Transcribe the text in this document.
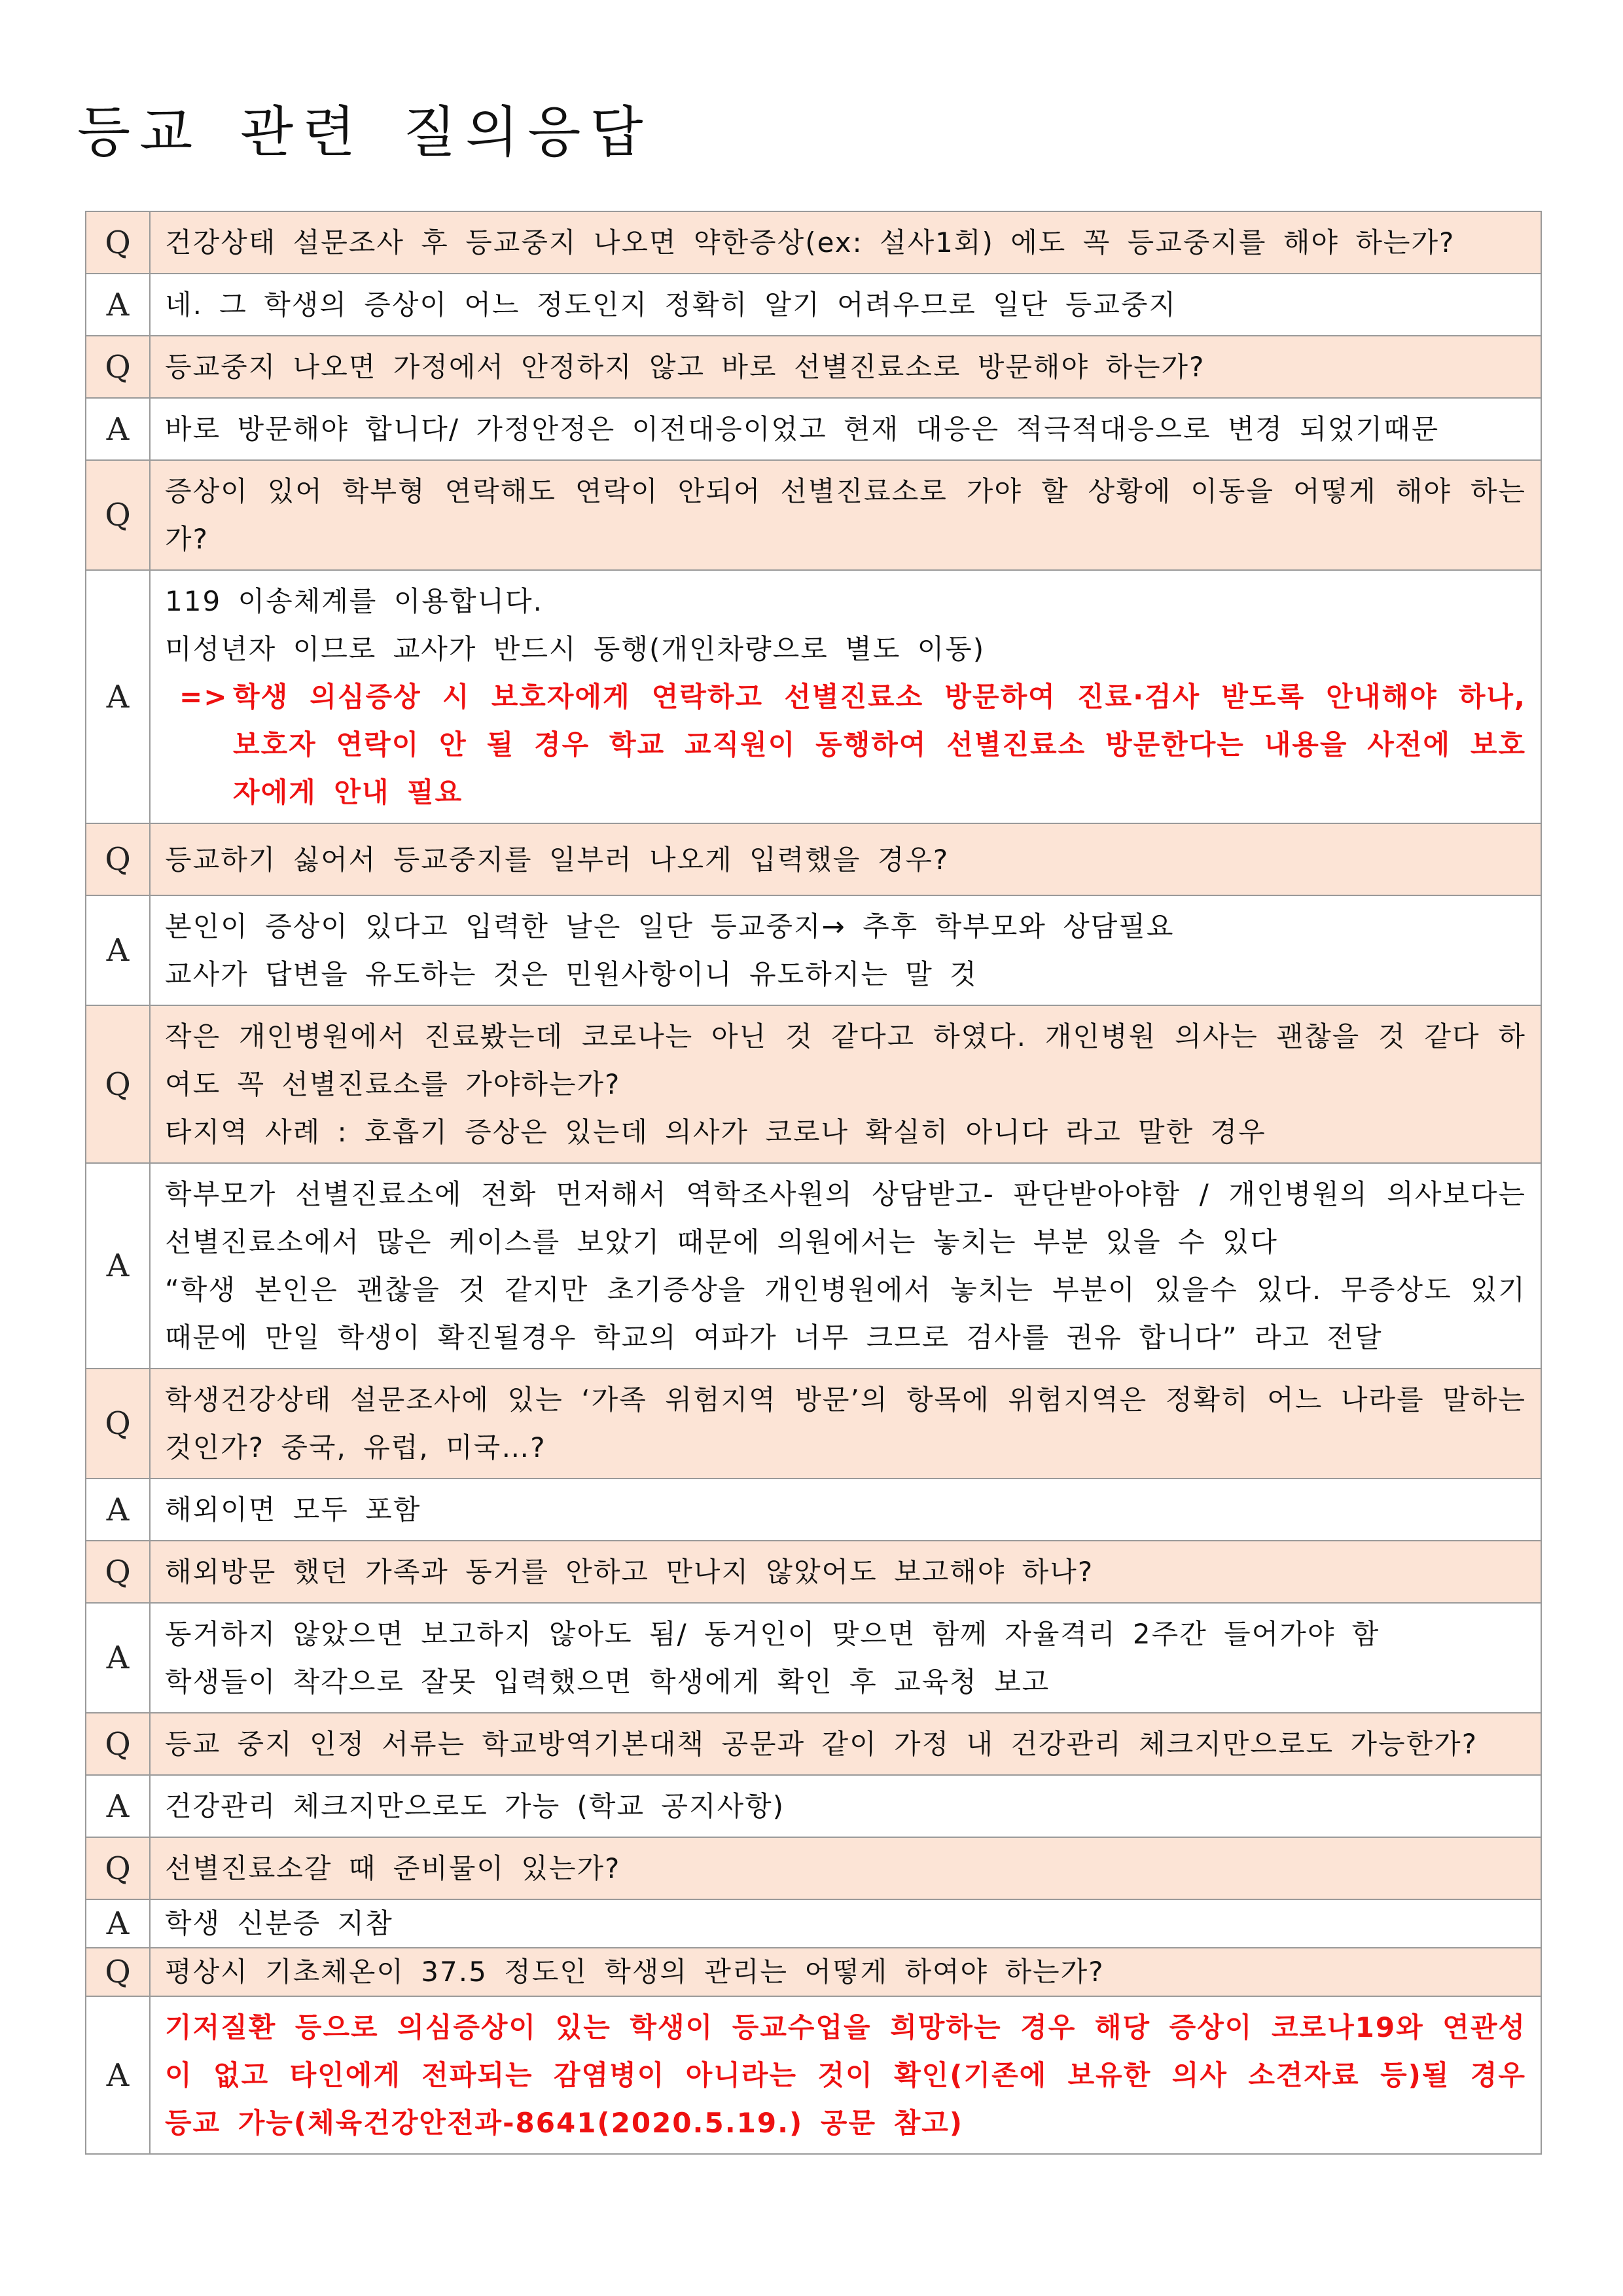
등교 관련 질의응답
Q	건강상태 설문조사 후 등교중지 나오면 약한증상(ex: 설사1회) 에도 꼭 등교중지를 해야 하는가?

A	네. 그 학생의 증상이 어느 정도인지 정확히 알기 어려우므로 일단 등교중지

Q	등교중지 나오면 가정에서 안정하지 않고 바로 선별진료소로 방문해야 하는가?

A	바로 방문해야 합니다/ 가정안정은 이전대응이었고 현재 대응은 적극적대응으로 변경 되었기때문

Q	증상이 있어 학부형 연락해도 연락이 안되어 선별진료소로 가야 할 상황에 이동을 어떻게 해야 하는가?

A	119 이송체계를 이용합니다.
미성년자 이므로 교사가 반드시 동행(개인차량으로 별도 이동)
=> 학생 의심증상 시 보호자에게 연락하고 선별진료소 방문하여 진료·검사 받도록 안내해야 하나, 보호자 연락이 안 될 경우 학교 교직원이 동행하여 선별진료소 방문한다는 내용을 사전에 보호자에게 안내 필요

Q	등교하기 싫어서 등교중지를 일부러 나오게 입력했을 경우?

A	본인이 증상이 있다고 입력한 날은 일단 등교중지→ 추후 학부모와 상담필요
교사가 답변을 유도하는 것은 민원사항이니 유도하지는 말 것

Q	작은 개인병원에서 진료봤는데 코로나는 아닌 것 같다고 하였다. 개인병원 의사는 괜찮을 것 같다 하여도 꼭 선별진료소를 가야하는가?
타지역 사례 : 호흡기 증상은 있는데 의사가 코로나 확실히 아니다 라고 말한 경우

A	학부모가 선별진료소에 전화 먼저해서 역학조사원의 상담받고- 판단받아야함 / 개인병원의 의사보다는 선별진료소에서 많은 케이스를 보았기 때문에 의원에서는 놓치는 부분 있을 수 있다
“학생 본인은 괜찮을 것 같지만 초기증상을 개인병원에서 놓치는 부분이 있을수 있다. 무증상도 있기 때문에 만일 학생이 확진될경우 학교의 여파가 너무 크므로 검사를 권유 합니다” 라고 전달

Q	학생건강상태 설문조사에 있는 ‘가족 위험지역 방문’의 항목에 위험지역은 정확히 어느 나라를 말하는 것인가? 중국, 유럽, 미국…?

A	해외이면 모두 포함

Q	해외방문 했던 가족과 동거를 안하고 만나지 않았어도 보고해야 하나?

A	동거하지 않았으면 보고하지 않아도 됨/ 동거인이 맞으면 함께 자율격리 2주간 들어가야 함
학생들이 착각으로 잘못 입력했으면 학생에게 확인 후 교육청 보고

Q	등교 중지 인정 서류는 학교방역기본대책 공문과 같이 가정 내 건강관리 체크지만으로도 가능한가?

A	건강관리 체크지만으로도 가능 (학교 공지사항)

Q	선별진료소갈 때 준비물이 있는가?

A	학생 신분증 지참

Q	평상시 기초체온이 37.5 정도인 학생의 관리는 어떻게 하여야 하는가?

A	기저질환 등으로 의심증상이 있는 학생이 등교수업을 희망하는 경우 해당 증상이 코로나19와 연관성이 없고 타인에게 전파되는 감염병이 아니라는 것이 확인(기존에 보유한 의사 소견자료 등)될 경우 등교 가능(체육건강안전과-8641(2020.5.19.) 공문 참고)
